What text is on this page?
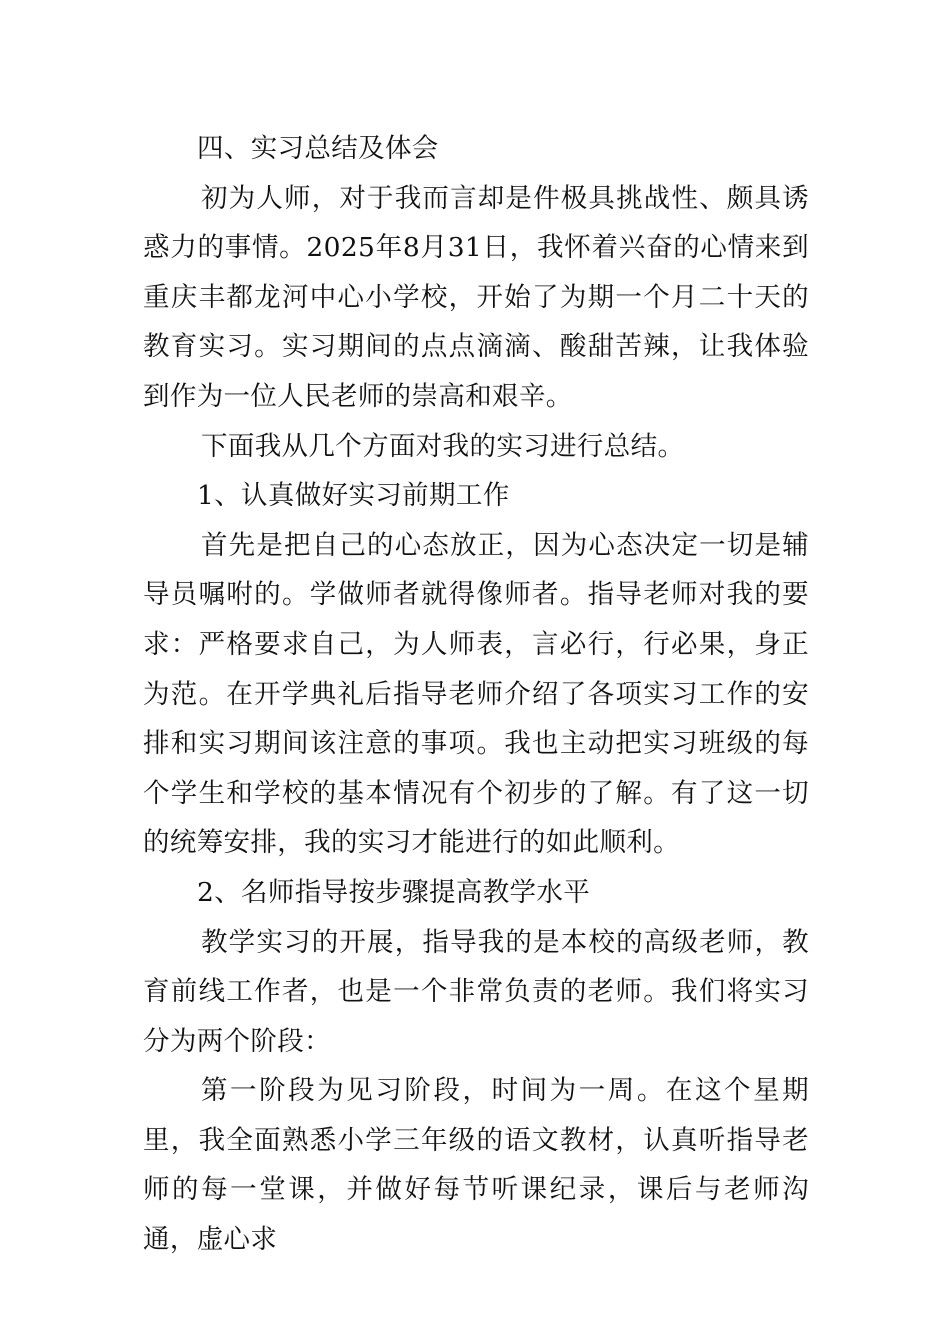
四、实习总结及体会

初为人师，对于我而言却是件极具挑战性、颇具诱惑力的事情。2025年8月31日，我怀着兴奋的心情来到重庆丰都龙河中心小学校，开始了为期一个月二十天的教育实习。实习期间的点点滴滴、酸甜苦辣，让我体验到作为一位人民老师的崇高和艰辛。

下面我从几个方面对我的实习进行总结。

1、认真做好实习前期工作

首先是把自己的心态放正，因为心态决定一切是辅导员嘱咐的。学做师者就得像师者。指导老师对我的要求：严格要求自己，为人师表，言必行，行必果，身正为范。在开学典礼后指导老师介绍了各项实习工作的安排和实习期间该注意的事项。我也主动把实习班级的每个学生和学校的基本情况有个初步的了解。有了这一切的统筹安排，我的实习才能进行的如此顺利。

2、名师指导按步骤提高教学水平

教学实习的开展，指导我的是本校的高级老师，教育前线工作者，也是一个非常负责的老师。我们将实习分为两个阶段：

第一阶段为见习阶段，时间为一周。在这个星期里，我全面熟悉小学三年级的语文教材，认真听指导老师的每一堂课，并做好每节听课纪录，课后与老师沟通，虚心求
